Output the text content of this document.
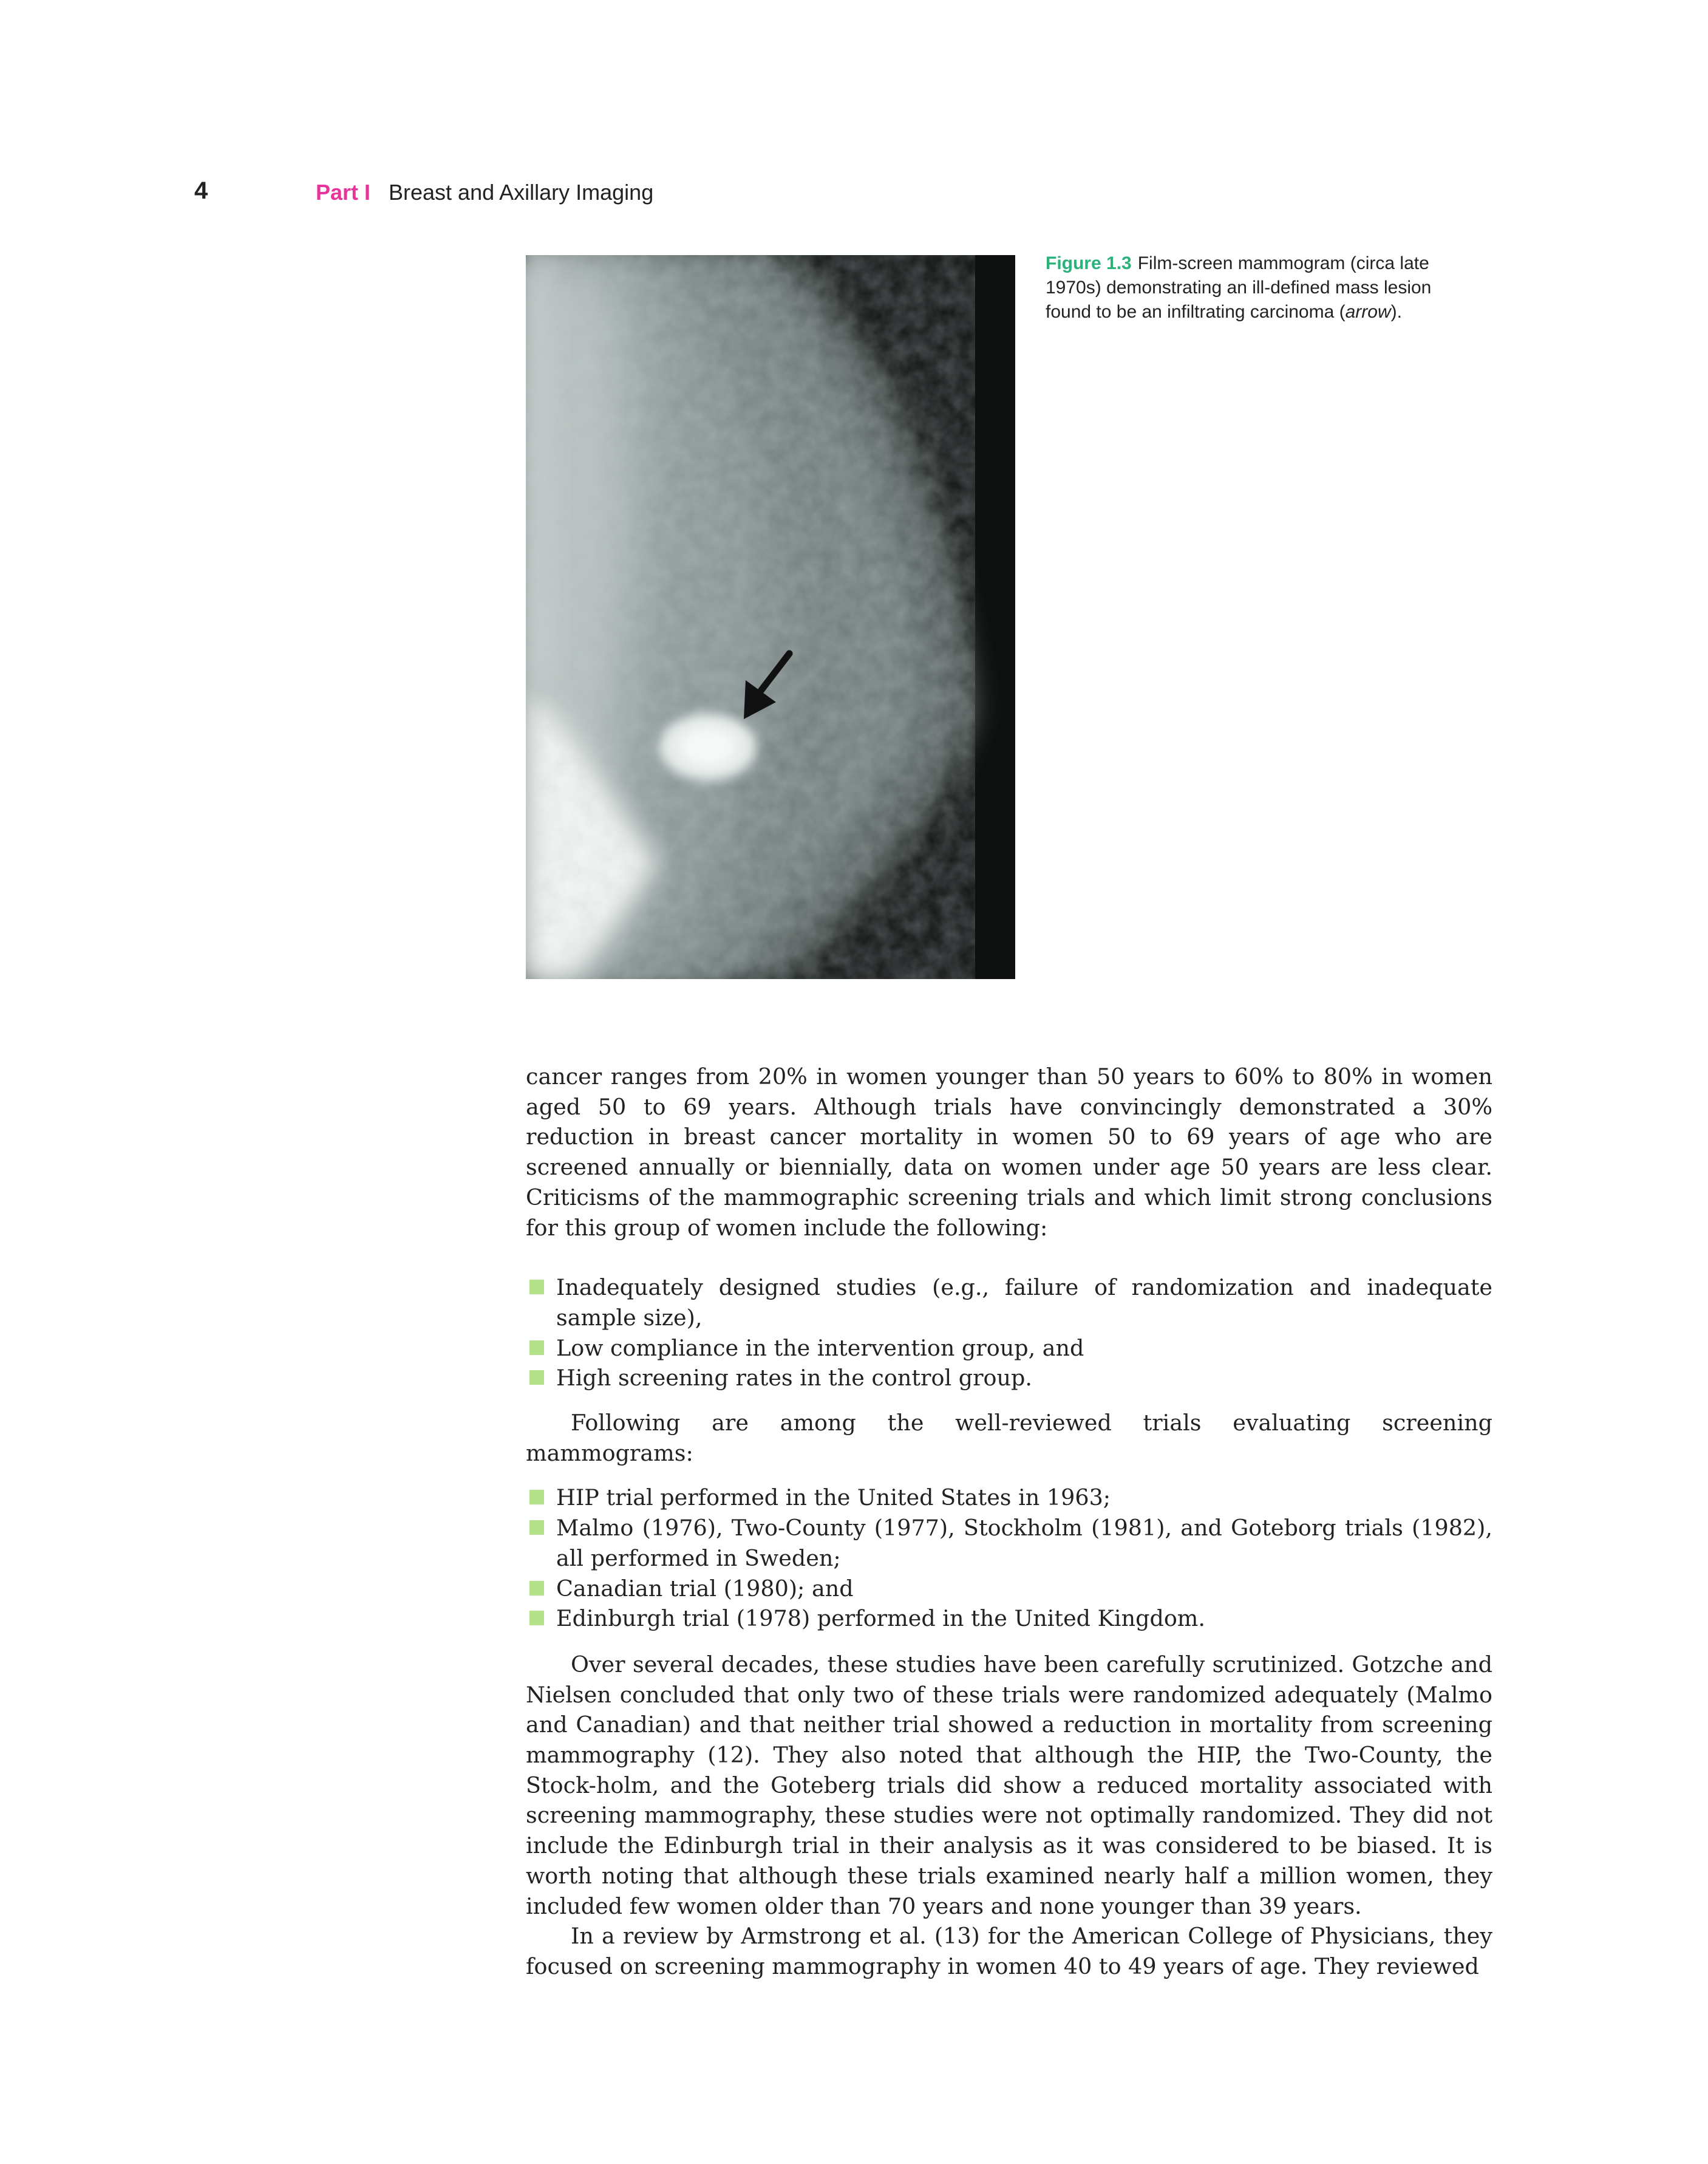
4	Part I Breast and Axillary Imaging
Figure 1.3 Film-screen mammogram (circa late 1970s) demonstrating an ill-defined mass lesion found to be an infiltrating carcinoma (arrow).

cancer ranges from 20% in women younger than 50 years to 60% to 80% in women aged 50 to 69 years. Although trials have convincingly demonstrated a 30% reduction in breast cancer mortality in women 50 to 69 years of age who are screened annually or biennially, data on women under age 50 years are less clear. Criticisms of the mammographic screening trials and which limit strong conclusions for this group of women include the following:

Inadequately designed studies (e.g., failure of randomization and inadequate sample size),
Low compliance in the intervention group, and
High screening rates in the control group.

Following are among the well-reviewed trials evaluating screening mammograms:

HIP trial performed in the United States in 1963;
Malmo (1976), Two-County (1977), Stockholm (1981), and Goteborg trials (1982), all performed in Sweden;
Canadian trial (1980); and
Edinburgh trial (1978) performed in the United Kingdom.

Over several decades, these studies have been carefully scrutinized. Gotzche and Nielsen concluded that only two of these trials were randomized adequately (Malmo and Canadian) and that neither trial showed a reduction in mortality from screening mammography (12). They also noted that although the HIP, the Two-County, the Stock-holm, and the Goteberg trials did show a reduced mortality associated with screening mammography, these studies were not optimally randomized. They did not include the Edinburgh trial in their analysis as it was considered to be biased. It is worth noting that although these trials examined nearly half a million women, they included few women older than 70 years and none younger than 39 years.

In a review by Armstrong et al. (13) for the American College of Physicians, they focused on screening mammography in women 40 to 49 years of age. They reviewed
